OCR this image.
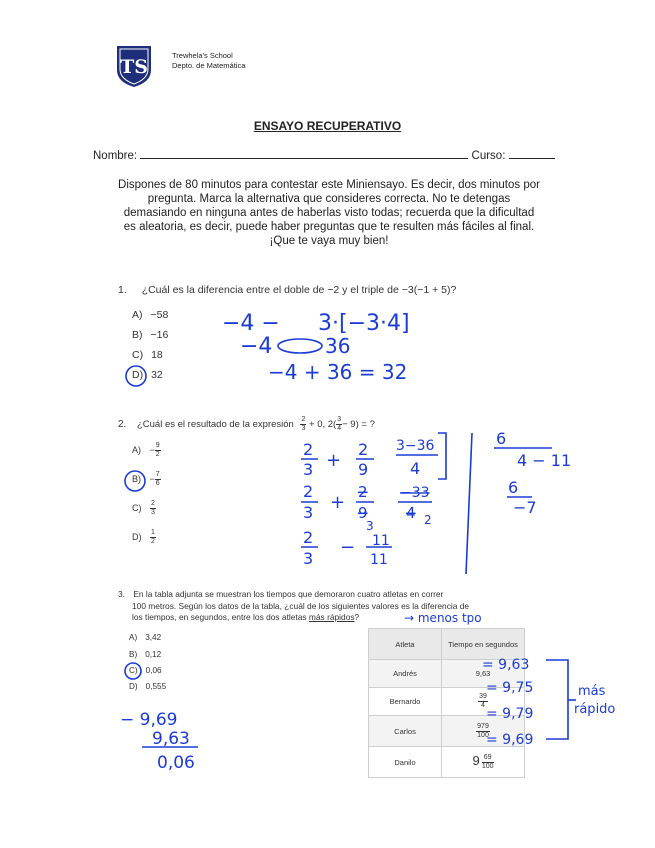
TS
Trewhela's School
Depto. de Matemática
ENSAYO RECUPERATIVO
Nombre:	Curso:
Dispones de 80 minutos para contestar este Miniensayo. Es decir, dos minutos por
pregunta. Marca la alternativa que consideres correcta. No te detengas
demasiando en ninguna antes de haberlas visto todas; recuerda que la dificultad
es aleatoria, es decir, puede haber preguntas que te resulten más fáciles al final.
¡Que te vaya muy bien!
1. ¿Cuál es la diferencia entre el doble de −2 y el triple de −3(−1 + 5)?
A) −58
B) −16
C) 18
D) 32
2. ¿Cuál es el resultado de la expresión $\frac{2}{3} + 0$, $2( \frac{3}{4} - 9)$ = ?
$A) - \frac{9}{2}$
$B) - \frac{7}{6}$
$C) \frac{2}{3}$
$D) \frac{1}{2}$
3. En la tabla adjunta se muestran los tiempos que demoraron cuatro atletas en correr
100 metros. Según los datos de la tabla, ¿cuál de los siguientes valores es la diferencia de
los tiempos, en segundos, entre los dos atletas más rápidos?
A) 3,42
B) 0,12
C) 0,06
D) 0,555
Atleta	Tiempo en segundos
Andrés	9,63
Bernardo	$\frac{39}{4}$

Carlos	$\frac{979}{100}$

Danilo	$9 \frac{69}{100}$
−4 − 3·[−3·4]
−4	36
−4 + 36 = 32
2
3 +
2
9
3−36
4
2
3 + 2
9
−33
4
3	2
11
2
3
−
11
6
4 − 11
6
−7
→ menos tpo
= 9,63
= 9,75
= 9,79
= 9,69
más
rápido
− 9,69
9,63
0,06
